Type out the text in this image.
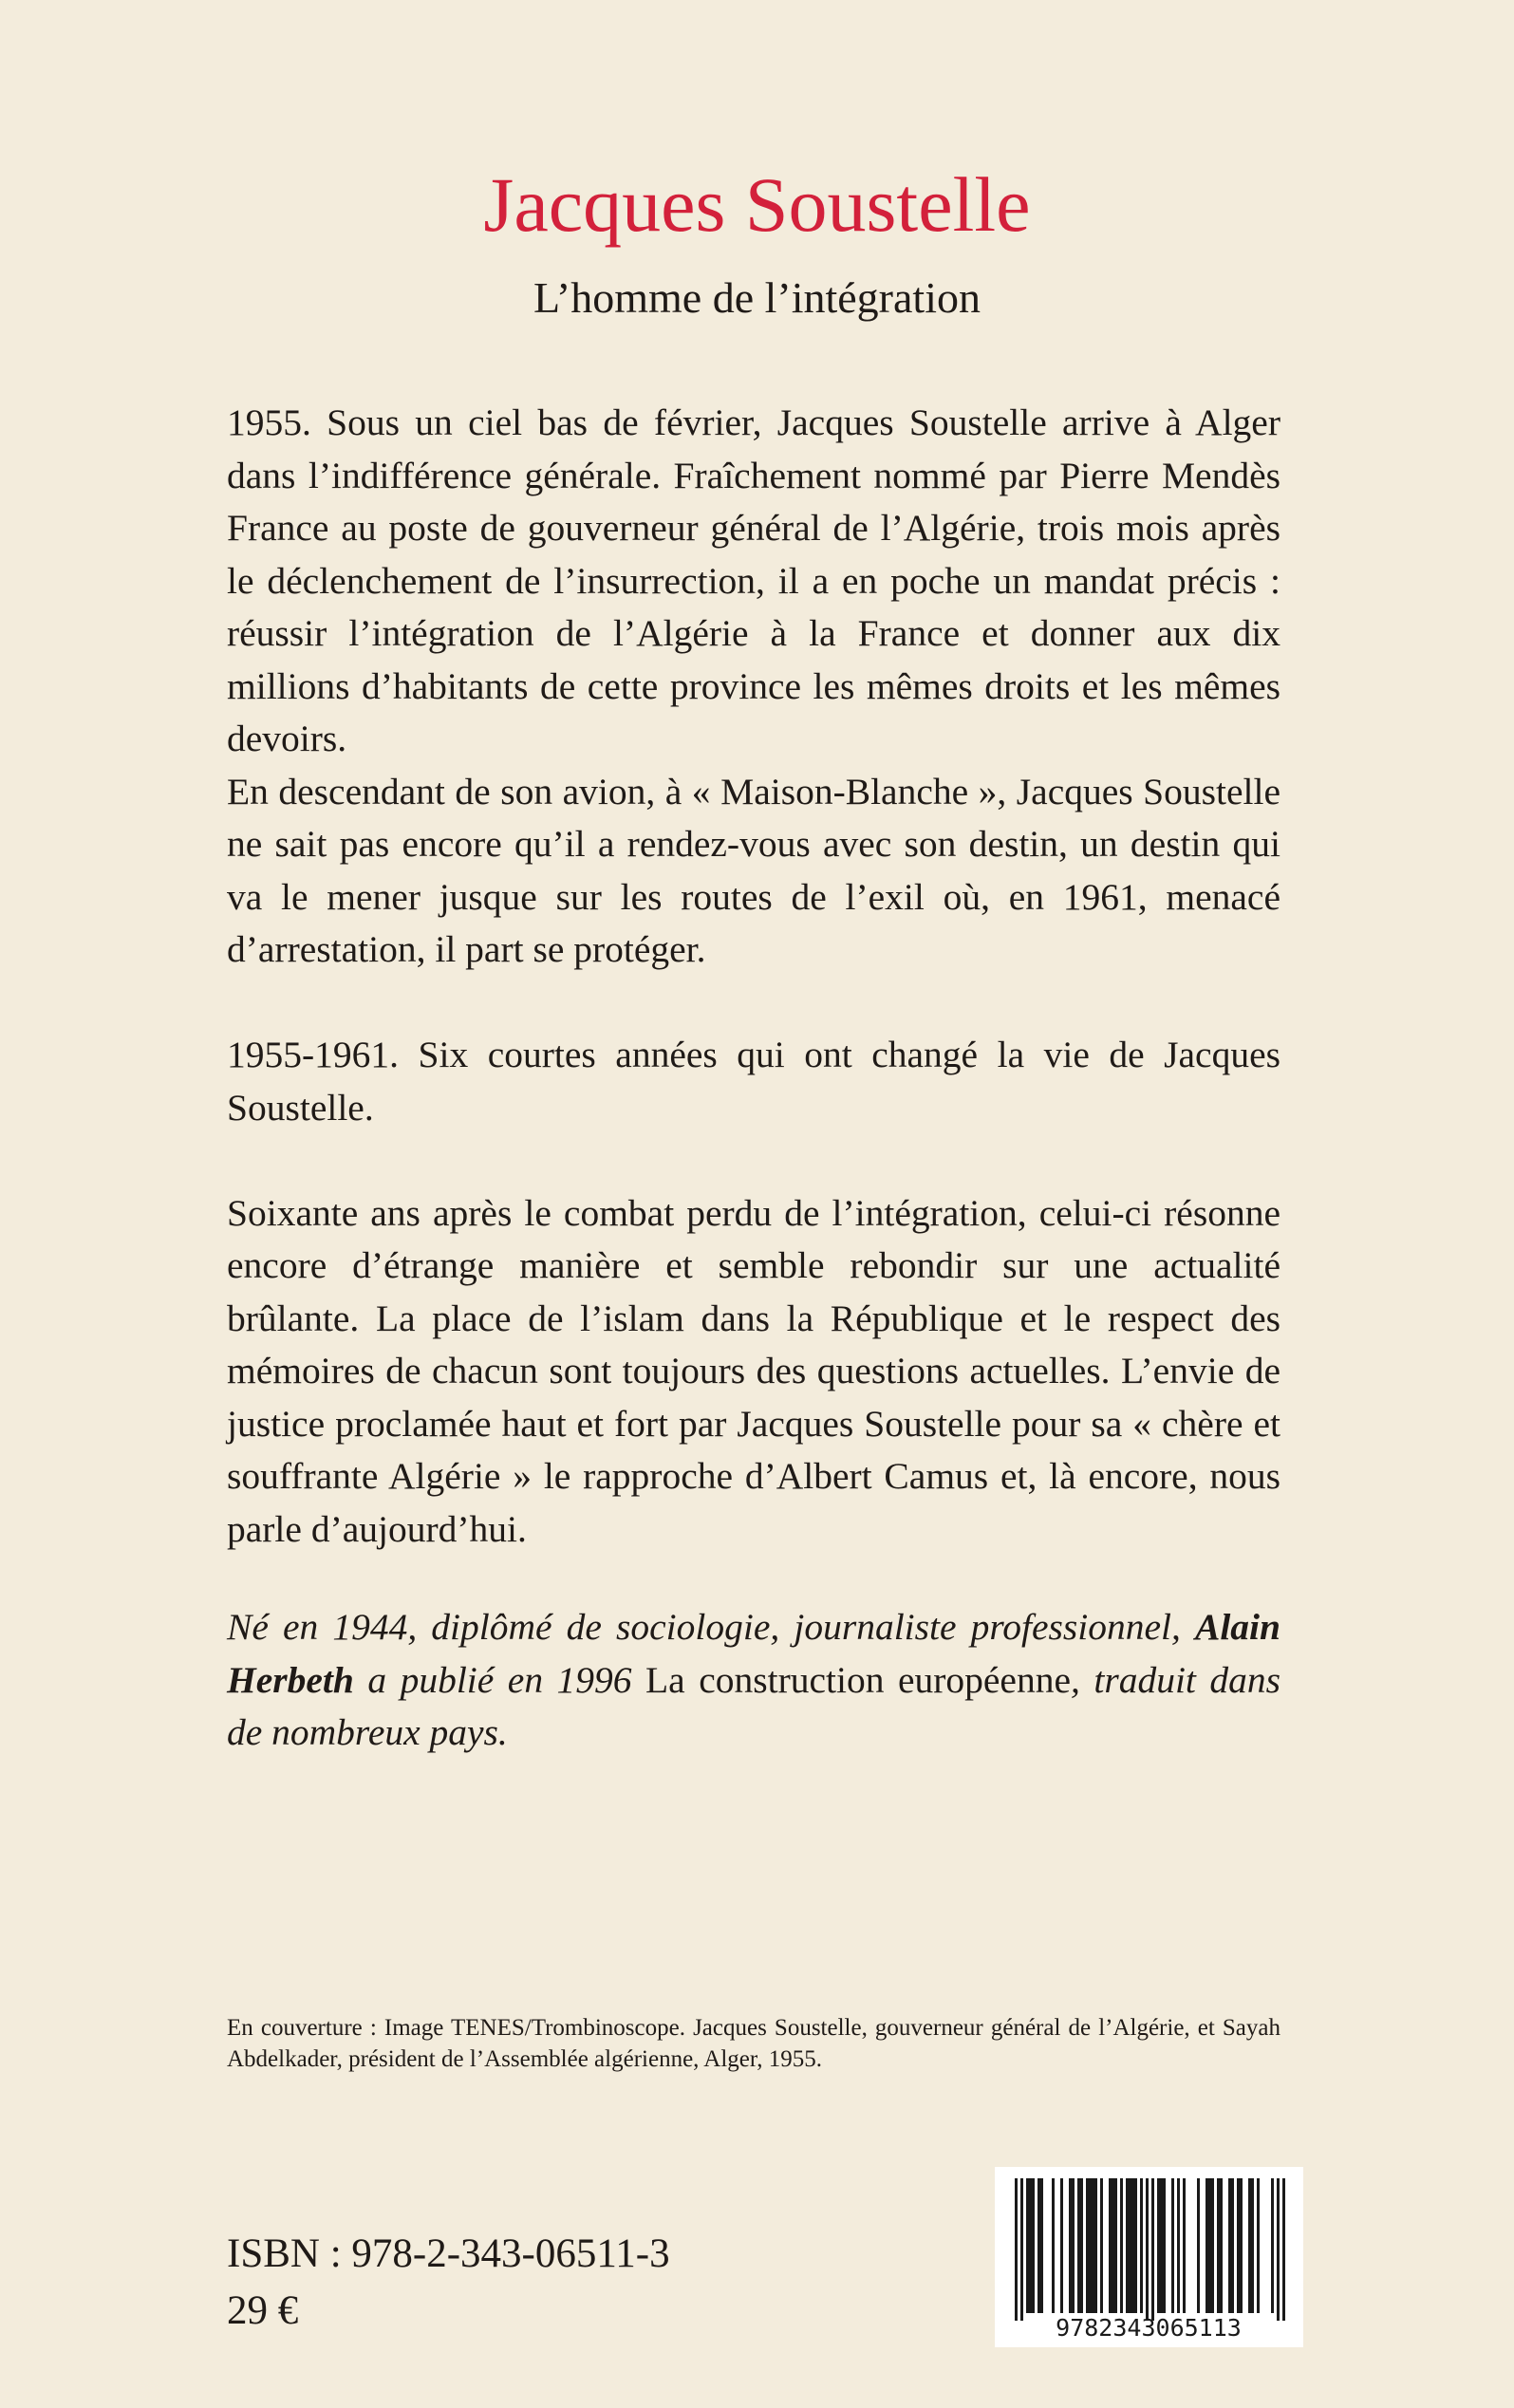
Jacques Soustelle
L’homme de l’intégration

1955. Sous un ciel bas de février, Jacques Soustelle arrive à Alger dans l’indifférence générale. Fraîchement nommé par Pierre Mendès France au poste de gouverneur général de l’Algérie, trois mois après le déclenchement de l’insurrection, il a en poche un mandat précis : réussir l’intégration de l’Algérie à la France et donner aux dix millions d’habitants de cette province les mêmes droits et les mêmes devoirs.

En descendant de son avion, à « Maison-Blanche », Jacques Soustelle ne sait pas encore qu’il a rendez-vous avec son destin, un destin qui va le mener jusque sur les routes de l’exil où, en 1961, menacé d’arrestation, il part se protéger.

1955-1961. Six courtes années qui ont changé la vie de Jacques Soustelle.

Soixante ans après le combat perdu de l’intégration, celui-ci résonne encore d’étrange manière et semble rebondir sur une actualité brûlante. La place de l’islam dans la République et le respect des mémoires de chacun sont toujours des questions actuelles. L’envie de justice proclamée haut et fort par Jacques Soustelle pour sa « chère et souffrante Algérie » le rapproche d’Albert Camus et, là encore, nous parle d’aujourd’hui.

Né en 1944, diplômé de sociologie, journaliste professionnel, Alain Herbeth a publié en 1996 La construction européenne, traduit dans de nombreux pays.
En couverture : Image TENES/Trombinoscope. Jacques Soustelle, gouverneur général de l’Algérie, et Sayah Abdelkader, président de l’Assemblée algérienne, Alger, 1955.
ISBN : 978-2-343-06511-3
29 €	9782343065113
